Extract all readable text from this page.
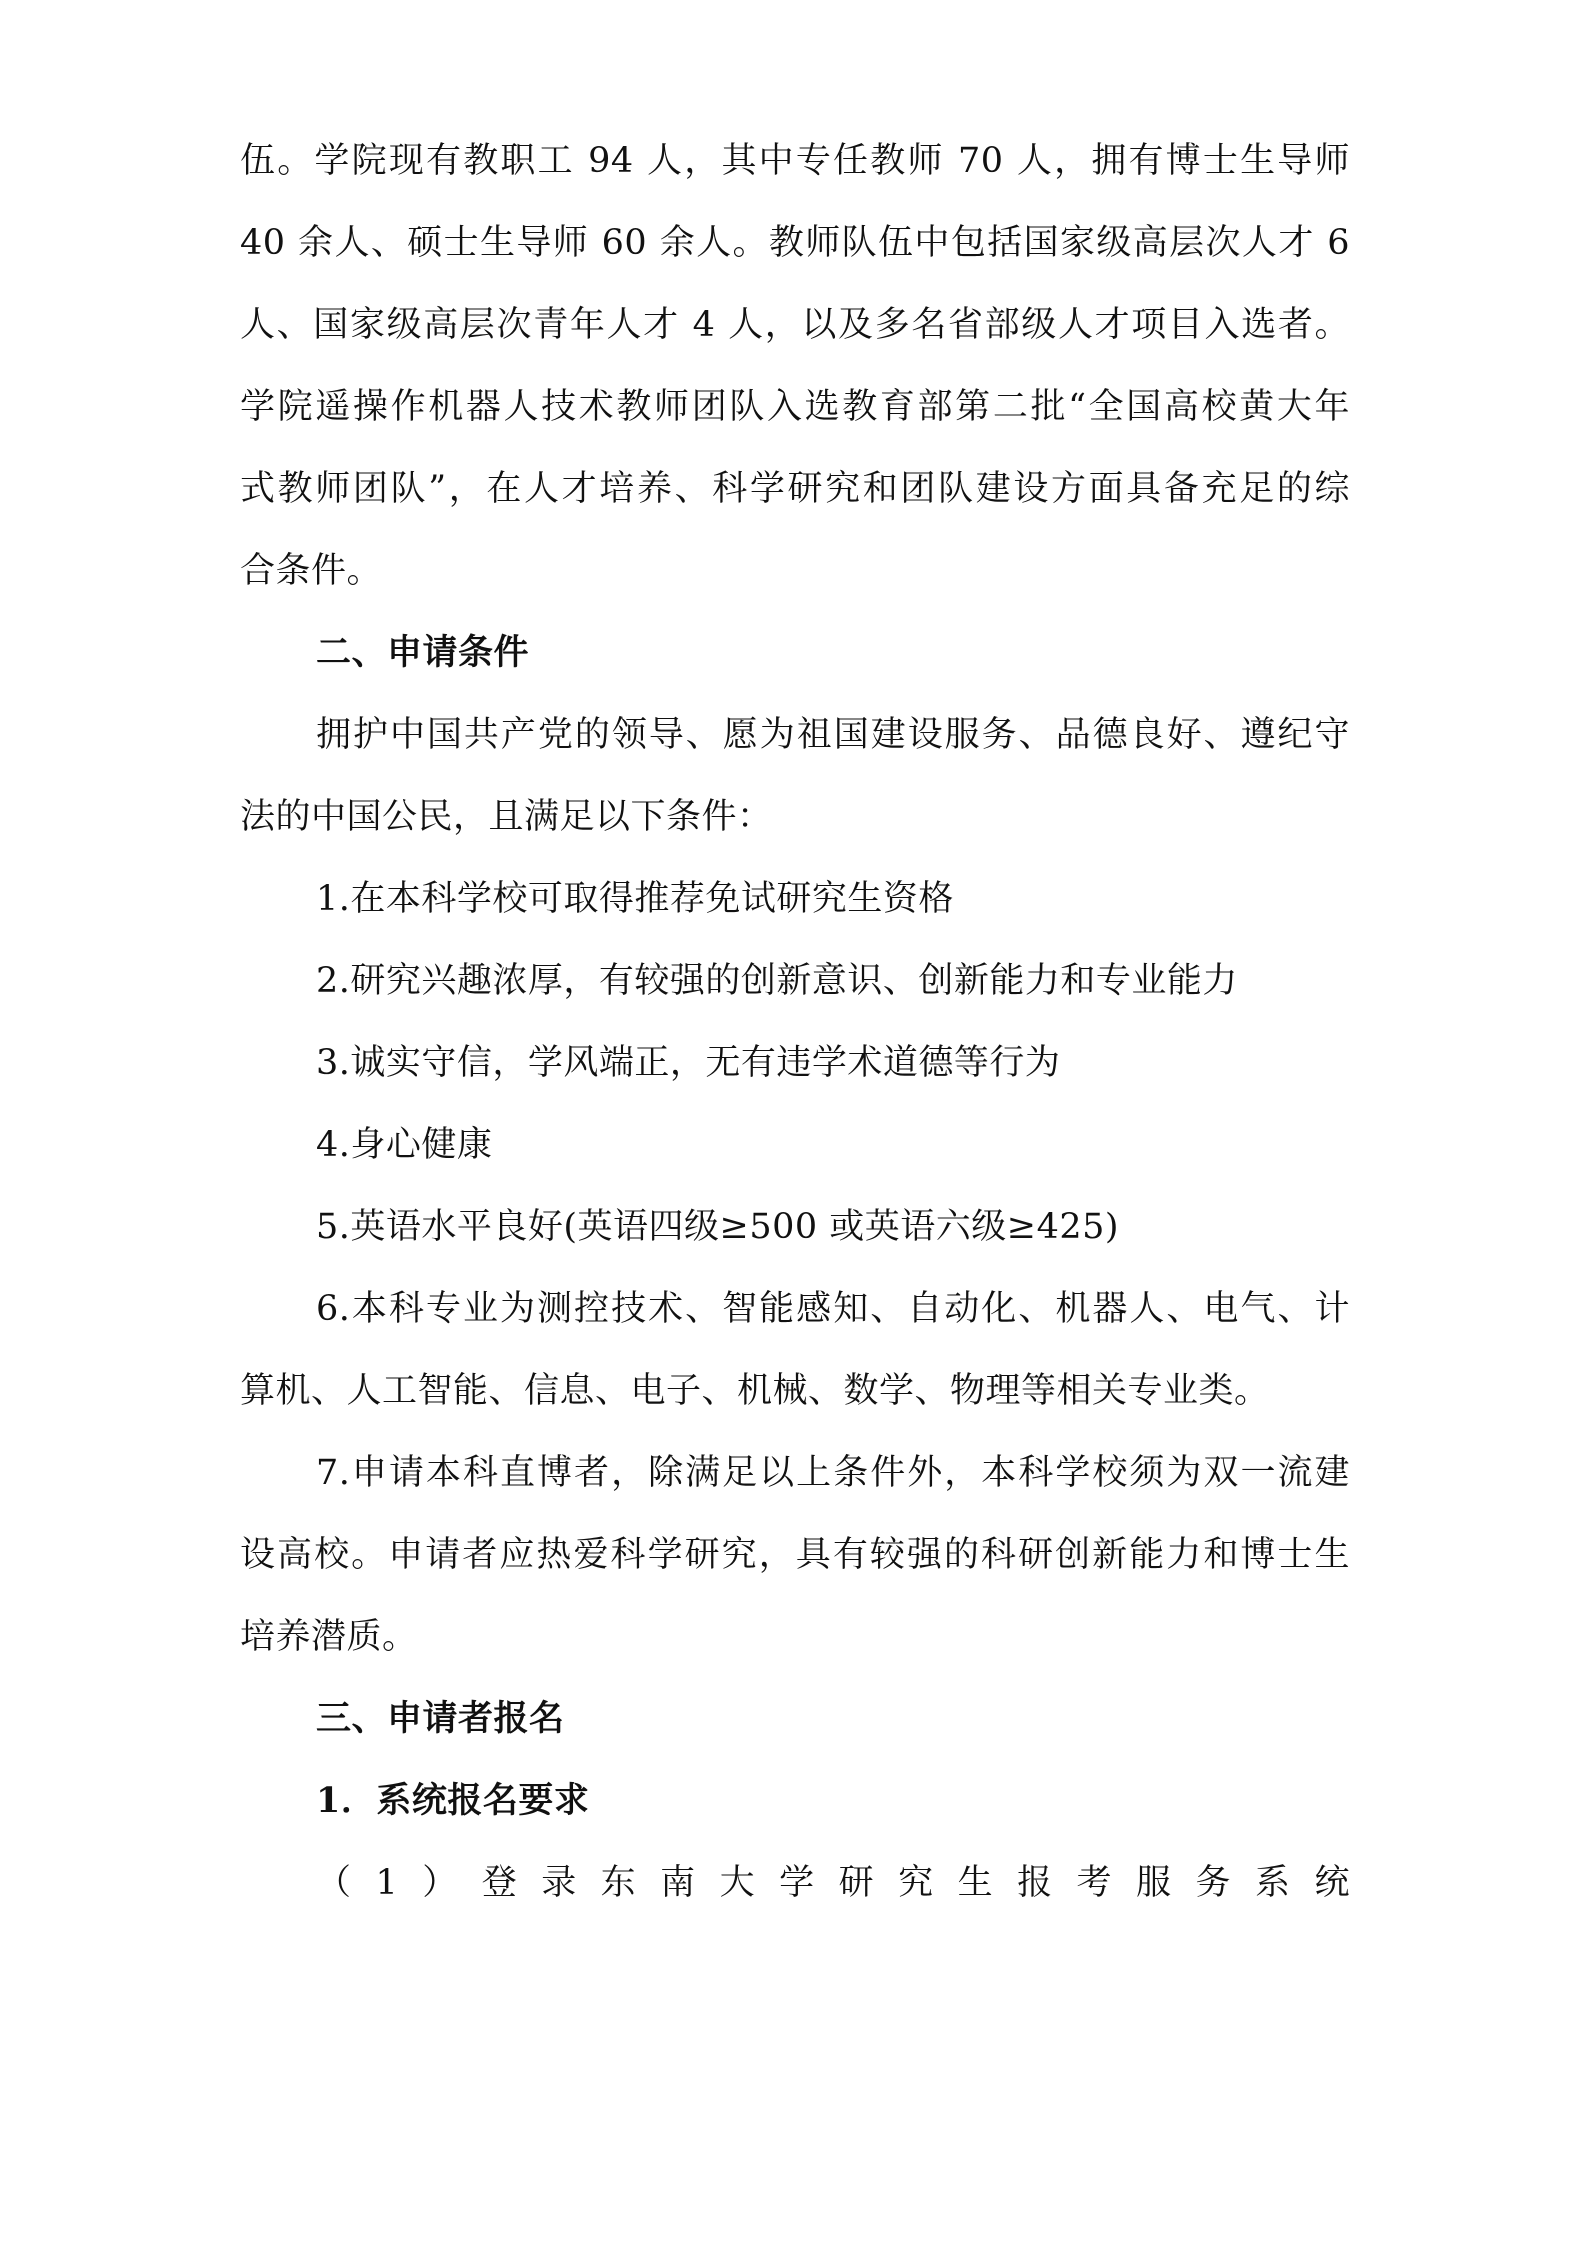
伍。学院现有教职工 94 人，其中专任教师 70 人，拥有博士生导师
40 余人、硕士生导师 60 余人。教师队伍中包括国家级高层次人才 6
人、国家级高层次青年人才 4 人，以及多名省部级人才项目入选者。
学院遥操作机器人技术教师团队入选教育部第二批“全国高校黄大年
式教师团队”，在人才培养、科学研究和团队建设方面具备充足的综
合条件。
二、申请条件
拥护中国共产党的领导、愿为祖国建设服务、品德良好、遵纪守
法的中国公民，且满足以下条件：
1.在本科学校可取得推荐免试研究生资格
2.研究兴趣浓厚，有较强的创新意识、创新能力和专业能力
3.诚实守信，学风端正，无有违学术道德等行为
4.身心健康
5.英语水平良好(英语四级≥500 或英语六级≥425)
6.本科专业为测控技术、智能感知、自动化、机器人、电气、计
算机、人工智能、信息、电子、机械、数学、物理等相关专业类。
7.申请本科直博者，除满足以上条件外，本科学校须为双一流建
设高校。申请者应热爱科学研究，具有较强的科研创新能力和博士生
培养潜质。
三、申请者报名
1．系统报名要求
（1）登录东南大学研究生报考服务系统
